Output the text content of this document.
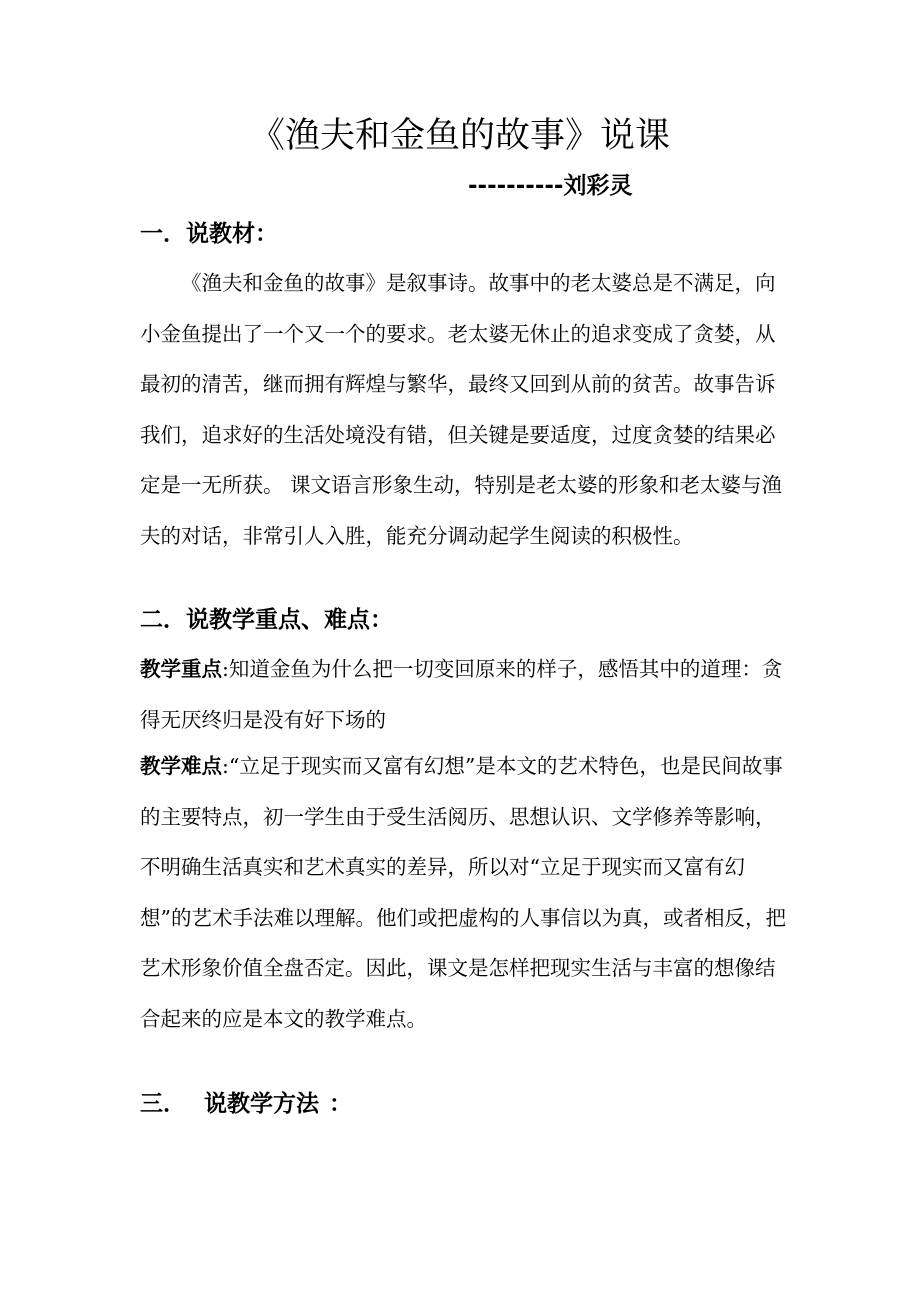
《渔夫和金鱼的故事》说课
----------刘彩灵
一．说教材：

《渔夫和金鱼的故事》是叙事诗。故事中的老太婆总是不满足，向小金鱼提出了一个又一个的要求。老太婆无休止的追求变成了贪婪，从最初的清苦，继而拥有辉煌与繁华，最终又回到从前的贫苦。故事告诉我们，追求好的生活处境没有错，但关键是要适度，过度贪婪的结果必定是一无所获。 课文语言形象生动，特别是老太婆的形象和老太婆与渔夫的对话，非常引人入胜，能充分调动起学生阅读的积极性。

二．说教学重点、难点：

教学重点:知道金鱼为什么把一切变回原来的样子，感悟其中的道理：贪得无厌终归是没有好下场的

教学难点:“立足于现实而又富有幻想”是本文的艺术特色，也是民间故事的主要特点，初一学生由于受生活阅历、思想认识、文学修养等影响，不明确生活真实和艺术真实的差异，所以对“立足于现实而又富有幻想”的艺术手法难以理解。他们或把虚构的人事信以为真，或者相反，把艺术形象价值全盘否定。因此，课文是怎样把现实生活与丰富的想像结合起来的应是本文的教学难点。

三． 说教学方法 ：
